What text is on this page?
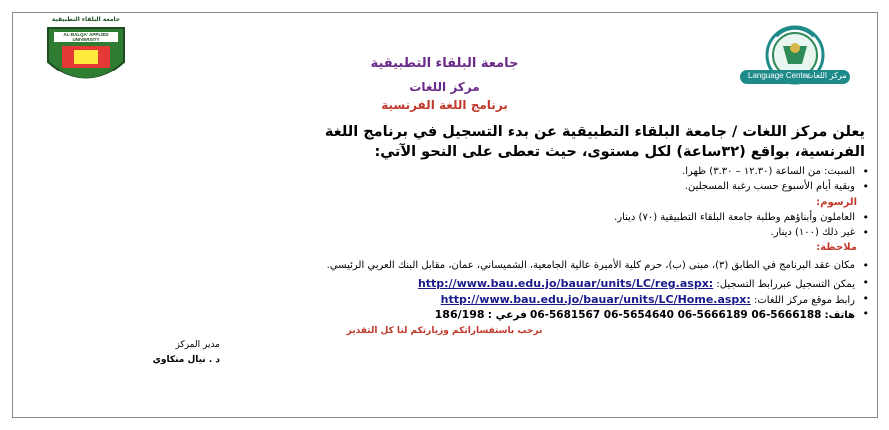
Language Center
مركز اللغات
جامعة البلقاء التطبيقية
AL-BALQA' APPLIED UNIVERSITY
جامعة البلقاء التطبيقية
مركز اللغات
برنامج اللغة الفرنسية
يعلن مركز اللغات / جامعة البلقاء التطبيقية عن بدء التسجيل في برنامج اللغة
الفرنسية، بواقع (٣٢ساعة) لكل مستوى، حيث تعطى على النحو الآتي:
• السبت: من الساعة (١٢.٣٠ – ٣.٣٠) ظهرا.
• وبقية أيام الأسبوع حسب رغبة المسجلين.
الرسوم:
• العاملون وأبناؤهم وطلبة جامعة البلقاء التطبيقية (٧٠) دينار.
• غير ذلك (١٠٠) دينار.
ملاحظة:
• مكان عقد البرنامج في الطابق (٣)، مبنى (ب)، حرم كلية الأميرة عالية الجامعية، الشميساني، عمان، مقابل البنك العربي الرئيسي.
• يمكن التسجيل عبررابط التسجيل: http://www.bau.edu.jo/bauar/units/LC/reg.aspx:
• رابط موقع مركز اللغات: http://www.bau.edu.jo/bauar/units/LC/Home.aspx:
• هاتف: 06-5681567 06-5654640 06-5666189 06-5666188 فرعي : 186/198
نرحب باستفساراتكم وزيارتكم لنا كل التقدير
مدير المركز
د . نيال منكاوي
